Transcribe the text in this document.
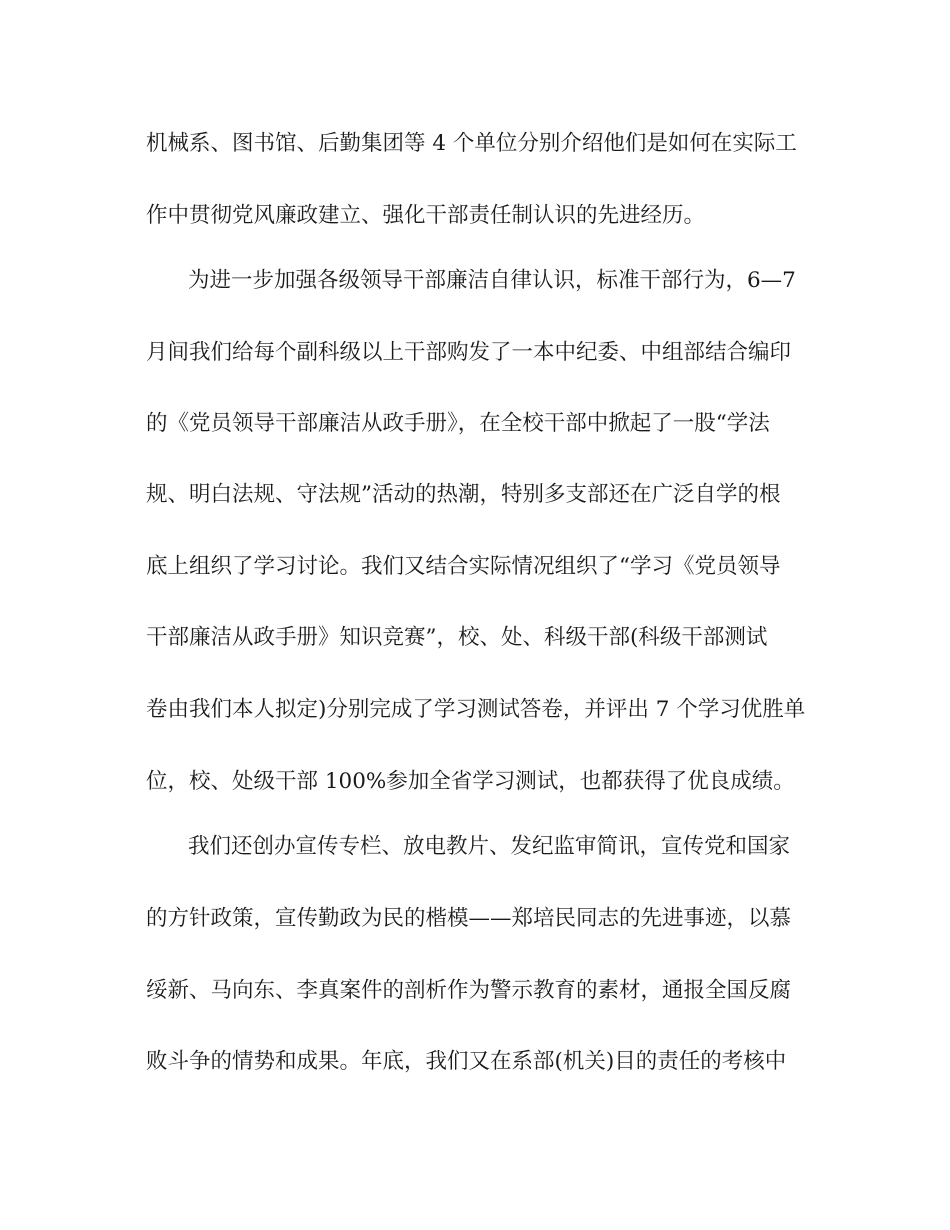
机械系、图书馆、后勤集团等 4 个单位分别介绍他们是如何在实际工
作中贯彻党风廉政建立、强化干部责任制认识的先进经历。
为进一步加强各级领导干部廉洁自律认识，标准干部行为，6—7
月间我们给每个副科级以上干部购发了一本中纪委、中组部结合编印
的《党员领导干部廉洁从政手册》，在全校干部中掀起了一股“学法
规、明白法规、守法规”活动的热潮，特别多支部还在广泛自学的根
底上组织了学习讨论。我们又结合实际情况组织了“学习《党员领导
干部廉洁从政手册》知识竞赛”，校、处、科级干部(科级干部测试
卷由我们本人拟定)分别完成了学习测试答卷，并评出 7 个学习优胜单
位，校、处级干部 100%参加全省学习测试，也都获得了优良成绩。
我们还创办宣传专栏、放电教片、发纪监审简讯，宣传党和国家
的方针政策，宣传勤政为民的楷模——郑培民同志的先进事迹，以慕
绥新、马向东、李真案件的剖析作为警示教育的素材，通报全国反腐
败斗争的情势和成果。年底，我们又在系部(机关)目的责任的考核中
